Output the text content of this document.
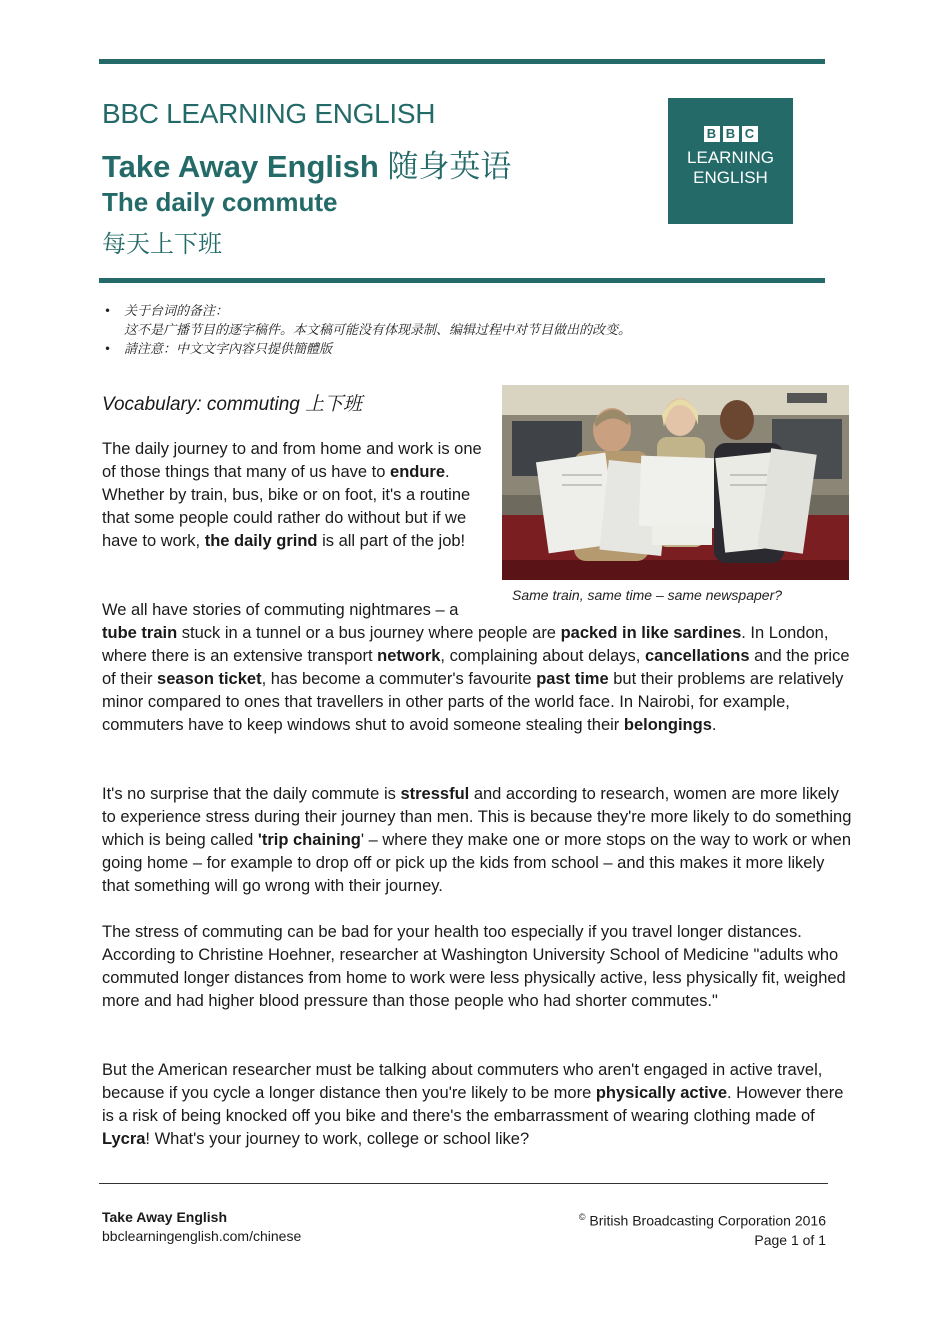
BBC LEARNING ENGLISH
Take Away English 随身英语
The daily commute
每天上下班
B B C
LEARNING
ENGLISH
• 关于台词的备注：
这不是广播节目的逐字稿件。本文稿可能没有体现录制、编辑过程中对节目做出的改变。
• 請注意：中文文字內容只提供簡體版
Vocabulary: commuting 上下班
Same train, same time – same newspaper?
The daily journey to and from home and work is one of those things that many of us have to endure. Whether by train, bus, bike or on foot, it's a routine that some people could rather do without but if we have to work, the daily grind is all part of the job!
We all have stories of commuting nightmares – a
tube train stuck in a tunnel or a bus journey where people are packed in like sardines. In London, where there is an extensive transport network, complaining about delays, cancellations and the price of their season ticket, has become a commuter's favourite past time but their problems are relatively minor compared to ones that travellers in other parts of the world face. In Nairobi, for example, commuters have to keep windows shut to avoid someone stealing their belongings.
It's no surprise that the daily commute is stressful and according to research, women are more likely to experience stress during their journey than men. This is because they're more likely to do something which is being called 'trip chaining' – where they make one or more stops on the way to work or when going home – for example to drop off or pick up the kids from school – and this makes it more likely that something will go wrong with their journey.
The stress of commuting can be bad for your health too especially if you travel longer distances. According to Christine Hoehner, researcher at Washington University School of Medicine "adults who commuted longer distances from home to work were less physically active, less physically fit, weighed more and had higher blood pressure than those people who had shorter commutes."
But the American researcher must be talking about commuters who aren't engaged in active travel, because if you cycle a longer distance then you're likely to be more physically active. However there is a risk of being knocked off you bike and there's the embarrassment of wearing clothing made of Lycra! What's your journey to work, college or school like?
Take Away English
bbclearningenglish.com/chinese
© British Broadcasting Corporation 2016
Page 1 of 1
